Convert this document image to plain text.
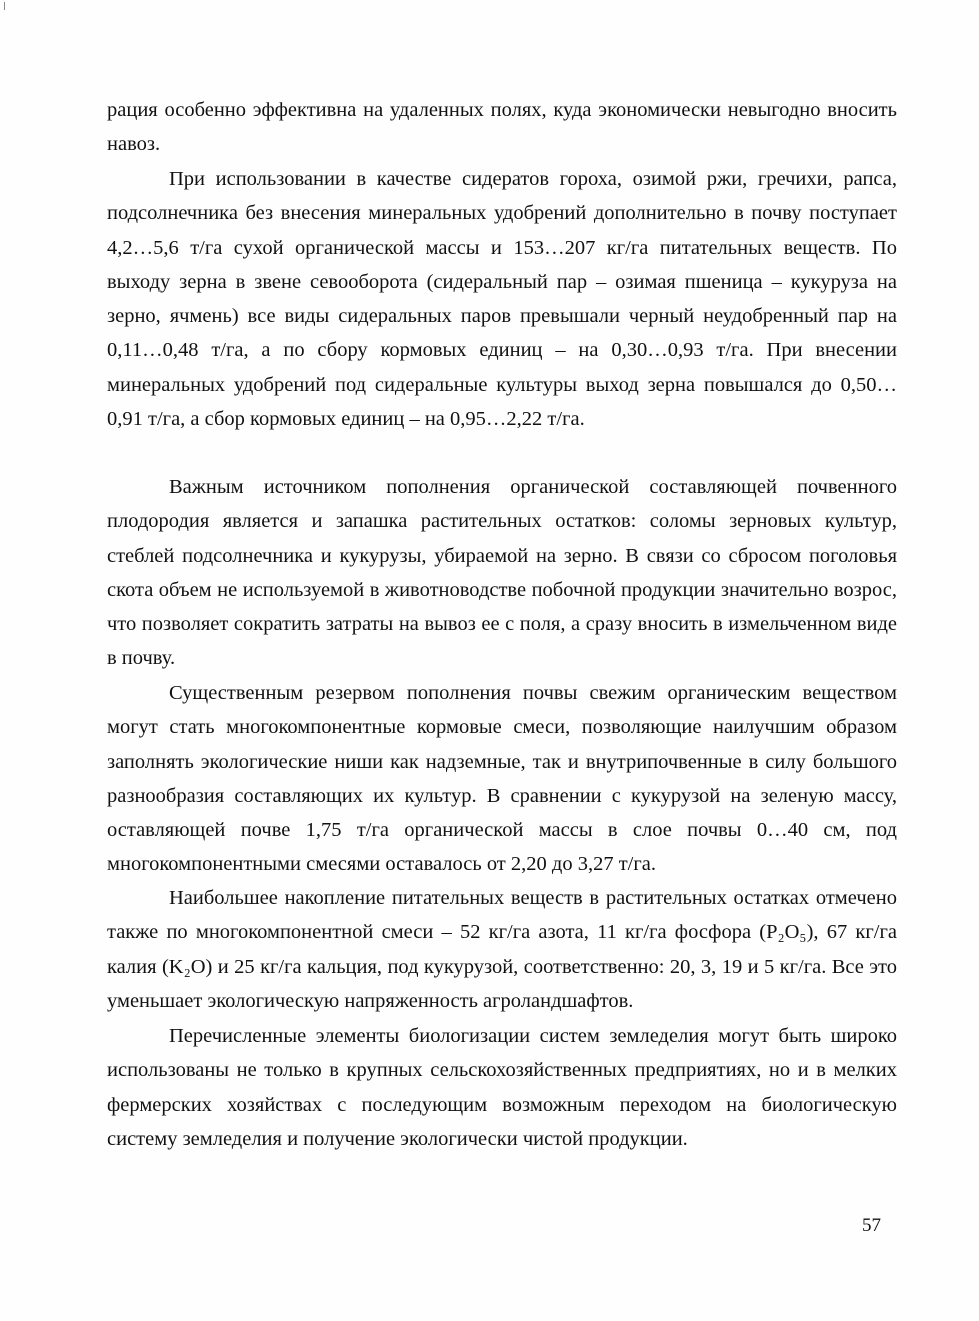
рация особенно эффективна на удаленных полях, куда экономически невыгодно вносить навоз.

При использовании в качестве сидератов гороха, озимой ржи, гречихи, рапса, подсолнечника без внесения минеральных удобрений дополнительно в почву поступает 4,2…5,6 т/га сухой органической массы и 153…207 кг/га питательных веществ. По выходу зерна в звене севооборота (сидеральный пар – озимая пшеница – кукуруза на зерно, ячмень) все виды сидеральных паров превышали черный неудобренный пар на 0,11…0,48 т/га, а по сбору кормовых единиц – на 0,30…0,93 т/га. При внесении минеральных удобрений под сидеральные культуры выход зерна повышался до 0,50…0,91 т/га, а сбор кормовых единиц – на 0,95…2,22 т/га.

Важным источником пополнения органической составляющей почвенного плодородия является и запашка растительных остатков: соломы зерновых культур, стеблей подсолнечника и кукурузы, убираемой на зерно. В связи со сбросом поголовья скота объем не используемой в животноводстве побочной продукции значительно возрос, что позволяет сократить затраты на вывоз ее с поля, а сразу вносить в измельченном виде в почву.

Существенным резервом пополнения почвы свежим органическим веществом могут стать многокомпонентные кормовые смеси, позволяющие наилучшим образом заполнять экологические ниши как надземные, так и внутрипочвенные в силу большого разнообразия составляющих их культур. В сравнении с кукурузой на зеленую массу, оставляющей почве 1,75 т/га органической массы в слое почвы 0…40 см, под многокомпонентными смесями оставалось от 2,20 до 3,27 т/га.

Наибольшее накопление питательных веществ в растительных остатках отмечено также по многокомпонентной смеси – 52 кг/га азота, 11 кг/га фосфора (P₂O₅), 67 кг/га калия (K₂O) и 25 кг/га кальция, под кукурузой, соответственно: 20, 3, 19 и 5 кг/га. Все это уменьшает экологическую напряженность агроландшафтов.

Перечисленные элементы биологизации систем земледелия могут быть широко использованы не только в крупных сельскохозяйственных предприятиях, но и в мелких фермерских хозяйствах с последующим возможным переходом на биологическую систему земледелия и получение экологически чистой продукции.

57
